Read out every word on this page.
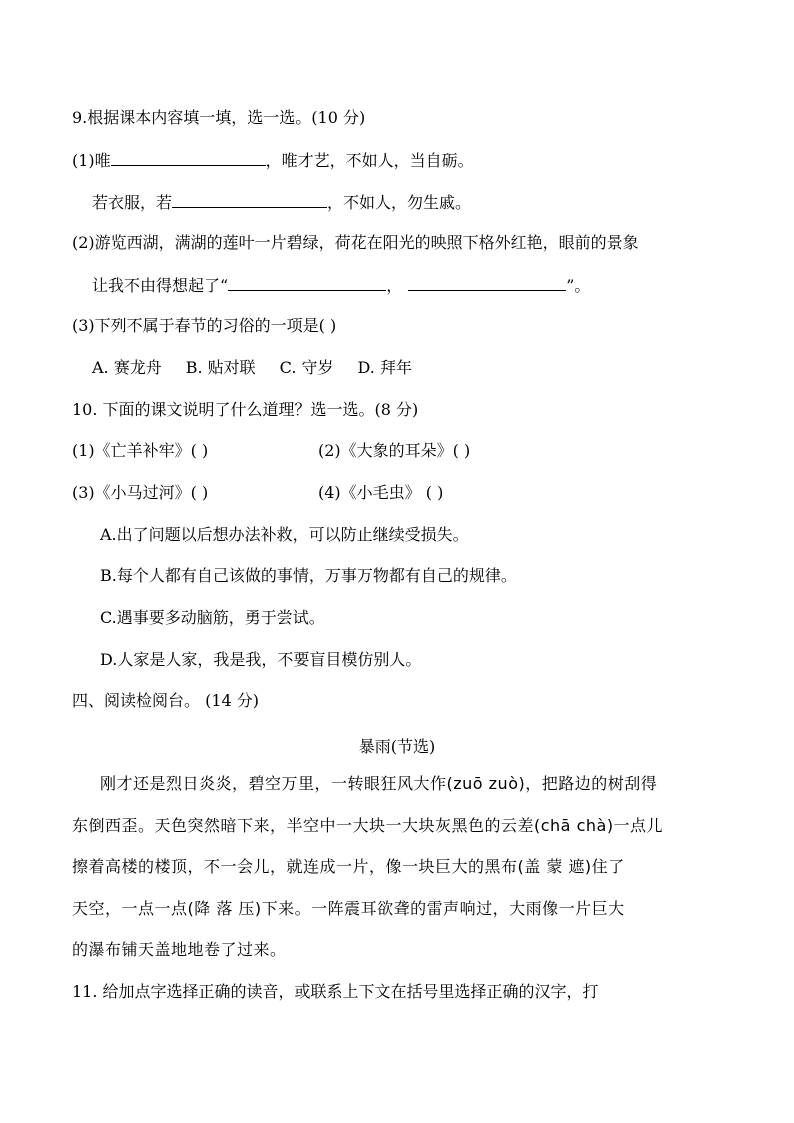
9.根据课本内容填一填，选一选。(10 分)
(1)唯	，唯才艺，不如人，当自砺。
若衣服，若	，不如人，勿生戚。
(2)游览西湖，满湖的莲叶一片碧绿，荷花在阳光的映照下格外红艳，眼前的景象
让我不由得想起了“	，	”。
(3)下列不属于春节的习俗的一项是( )
A. 赛龙舟 B. 贴对联 C. 守岁 D. 拜年
10. 下面的课文说明了什么道理？选一选。(8 分)
(1)《亡羊补牢》( )	(2)《大象的耳朵》( )
(3)《小马过河》( )	(4)《小毛虫》 ( )
A.出了问题以后想办法补救，可以防止继续受损失。
B.每个人都有自己该做的事情，万事万物都有自己的规律。
C.遇事要多动脑筋，勇于尝试。
D.人家是人家，我是我，不要盲目模仿别人。
四、阅读检阅台。 (14 分)
暴雨(节选)
刚才还是烈日炎炎，碧空万里，一转眼狂风大作(zuō zuò)，把路边的树刮得
东倒西歪。天色突然暗下来，半空中一大块一大块灰黑色的云差(chā chà)一点儿
擦着高楼的楼顶，不一会儿，就连成一片，像一块巨大的黑布(盖 蒙 遮)住了
天空，一点一点(降 落 压)下来。一阵震耳欲聋的雷声响过，大雨像一片巨大
的瀑布铺天盖地地卷了过来。
11. 给加点字选择正确的读音，或联系上下文在括号里选择正确的汉字，打
